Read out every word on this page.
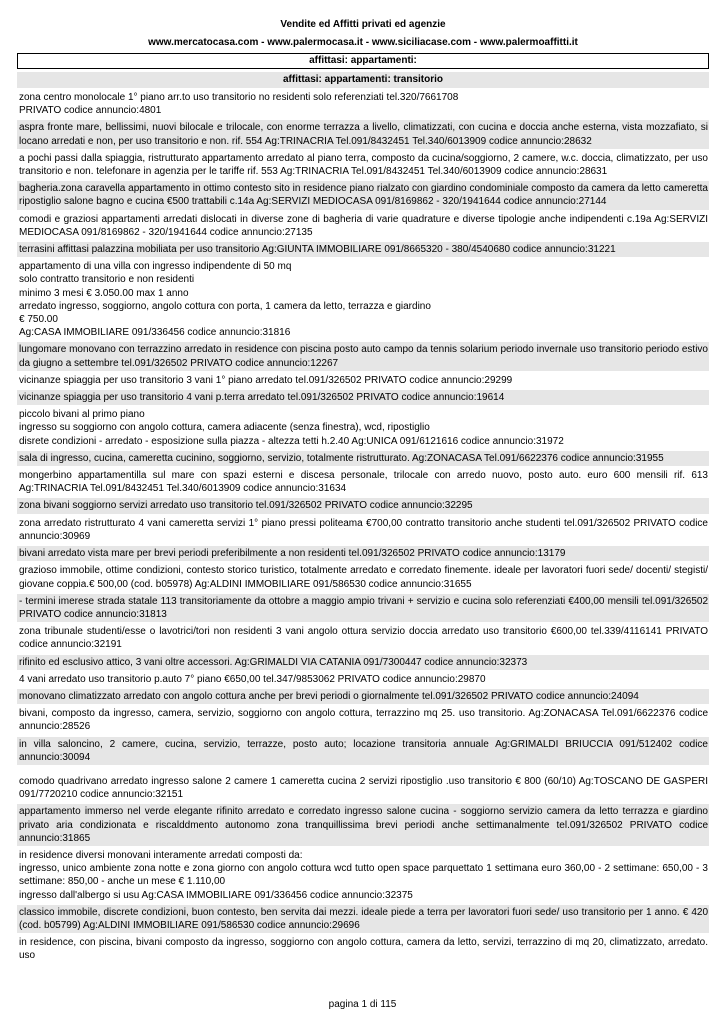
Vendite ed Affitti privati ed agenzie
www.mercatocasa.com - www.palermocasa.it - www.siciliacase.com - www.palermoaffitti.it
affittasi: appartamenti:
affittasi: appartamenti: transitorio
zona centro monolocale 1° piano arr.to uso transitorio no residenti solo referenziati tel.320/7661708
PRIVATO codice annuncio:4801
aspra fronte mare, bellissimi, nuovi bilocale e trilocale, con enorme terrazza a livello, climatizzati, con cucina e doccia anche esterna, vista mozzafiato, si locano arredati e non, per uso transitorio e non. rif. 554 Ag:TRINACRIA Tel.091/8432451 Tel.340/6013909 codice annuncio:28632
a pochi passi dalla spiaggia, ristrutturato appartamento arredato al piano terra, composto da cucina/soggiorno, 2 camere, w.c. doccia, climatizzato, per uso transitorio e non. telefonare in agenzia per le tariffe rif. 553 Ag:TRINACRIA Tel.091/8432451 Tel.340/6013909 codice annuncio:28631
bagheria.zona caravella appartamento in ottimo contesto sito in residence piano rialzato con giardino condominiale composto da camera da letto cameretta ripostiglio salone bagno e cucina €500 trattabili c.14a Ag:SERVIZI MEDIOCASA 091/8169862 - 320/1941644 codice annuncio:27144
comodi e graziosi appartamenti arredati dislocati in diverse zone di bagheria di varie quadrature e diverse tipologie anche indipendenti c.19a Ag:SERVIZI MEDIOCASA 091/8169862 - 320/1941644 codice annuncio:27135
terrasini affittasi palazzina mobiliata per uso transitorio Ag:GIUNTA IMMOBILIARE 091/8665320 - 380/4540680 codice annuncio:31221
appartamento di una villa con ingresso indipendente di 50 mq
solo contratto transitorio e non residenti
minimo 3 mesi € 3.050.00 max 1 anno
arredato ingresso, soggiorno, angolo cottura con porta, 1 camera da letto, terrazza e giardino
€ 750.00
Ag:CASA IMMOBILIARE 091/336456 codice annuncio:31816
lungomare monovano con terrazzino arredato in residence con piscina posto auto campo da tennis solarium periodo invernale uso transitorio periodo estivo da giugno a settembre tel.091/326502 PRIVATO codice annuncio:12267
vicinanze spiaggia per uso transitorio 3 vani 1° piano arredato tel.091/326502 PRIVATO codice annuncio:29299
vicinanze spiaggia per uso transitorio 4 vani p.terra arredato tel.091/326502 PRIVATO codice annuncio:19614
piccolo bivani al primo piano
ingresso su soggiorno con angolo cottura, camera adiacente (senza finestra), wcd, ripostiglio
disrete condizioni - arredato - esposizione sulla piazza - altezza tetti h.2.40 Ag:UNICA 091/6121616 codice annuncio:31972
sala di ingresso, cucina, cameretta cucinino, soggiorno, servizio, totalmente ristrutturato. Ag:ZONACASA Tel.091/6622376 codice annuncio:31955
mongerbino appartamentilla sul mare con spazi esterni e discesa personale, trilocale con arredo nuovo, posto auto. euro 600 mensili rif. 613 Ag:TRINACRIA Tel.091/8432451 Tel.340/6013909 codice annuncio:31634
zona bivani soggiorno servizi arredato uso transitorio tel.091/326502 PRIVATO codice annuncio:32295
zona arredato ristrutturato 4 vani cameretta servizi 1° piano pressi politeama €700,00 contratto transitorio anche studenti tel.091/326502 PRIVATO codice annuncio:30969
bivani arredato vista mare per brevi periodi preferibilmente a non residenti tel.091/326502 PRIVATO codice annuncio:13179
grazioso immobile, ottime condizioni, contesto storico turistico, totalmente arredato e corredato finemente. ideale per lavoratori fuori sede/ docenti/ stegisti/ giovane coppia.€ 500,00 (cod. b05978) Ag:ALDINI IMMOBILIARE 091/586530 codice annuncio:31655
- termini imerese strada statale 113 transitoriamente da ottobre a maggio ampio trivani + servizio e cucina solo referenziati €400,00 mensili tel.091/326502 PRIVATO codice annuncio:31813
zona tribunale studenti/esse o lavotrici/tori non residenti 3 vani angolo ottura servizio doccia arredato uso transitorio €600,00 tel.339/4116141 PRIVATO codice annuncio:32191
rifinito ed esclusivo attico, 3 vani oltre accessori. Ag:GRIMALDI VIA CATANIA 091/7300447 codice annuncio:32373
4 vani arredato uso transitorio p.auto 7° piano €650,00 tel.347/9853062 PRIVATO codice annuncio:29870
monovano climatizzato arredato con angolo cottura anche per brevi periodi o giornalmente tel.091/326502 PRIVATO codice annuncio:24094
bivani, composto da ingresso, camera, servizio, soggiorno con angolo cottura, terrazzino mq 25. uso transitorio. Ag:ZONACASA Tel.091/6622376 codice annuncio:28526
in villa saloncino, 2 camere, cucina, servizio, terrazze, posto auto; locazione transitoria annuale Ag:GRIMALDI BRIUCCIA 091/512402 codice annuncio:30094
comodo quadrivano arredato ingresso salone 2 camere 1 cameretta cucina 2 servizi ripostiglio .uso transitorio € 800 (60/10) Ag:TOSCANO DE GASPERI 091/7720210 codice annuncio:32151
appartamento immerso nel verde elegante rifinito arredato e corredato ingresso salone cucina - soggiorno servizio camera da letto terrazza e giardino privato aria condizionata e riscalddmento autonomo zona tranquillissima brevi periodi anche settimanalmente tel.091/326502 PRIVATO codice annuncio:31865
in residence diversi monovani interamente arredati composti da:
ingresso, unico ambiente zona notte e zona giorno con angolo cottura wcd tutto open space parquettato 1 settimana euro 360,00 - 2 settimane: 650,00 - 3 settimane: 850,00 - anche un mese € 1.110,00
ingresso dall'albergo si usu Ag:CASA IMMOBILIARE 091/336456 codice annuncio:32375
classico immobile, discrete condizioni, buon contesto, ben servita dai mezzi. ideale piede a terra per lavoratori fuori sede/ uso transitorio per 1 anno. € 420 (cod. b05799) Ag:ALDINI IMMOBILIARE 091/586530 codice annuncio:29696
in residence, con piscina, bivani composto da ingresso, soggiorno con angolo cottura, camera da letto, servizi, terrazzino di mq 20, climatizzato, arredato. uso
pagina 1 di 115
